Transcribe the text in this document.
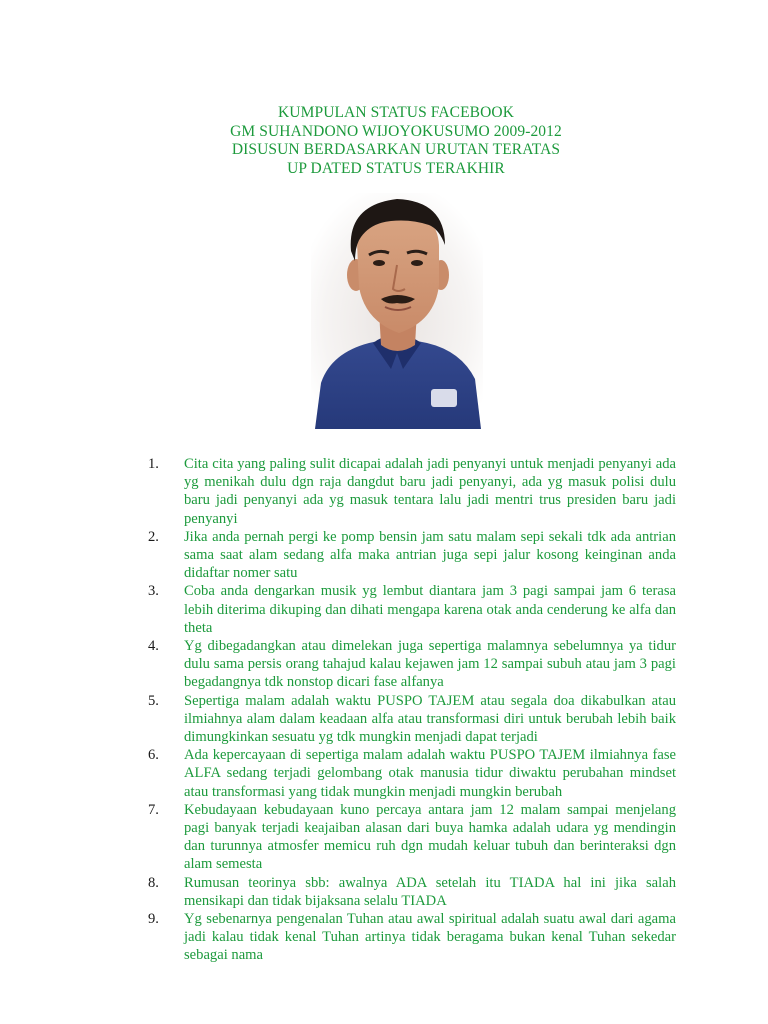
KUMPULAN STATUS FACEBOOK
GM SUHANDONO WIJOYOKUSUMO 2009-2012
DISUSUN BERDASARKAN URUTAN TERATAS
UP DATED STATUS TERAKHIR
1. Cita cita yang paling sulit dicapai adalah jadi penyanyi untuk menjadi penyanyi ada yg menikah dulu dgn raja dangdut baru jadi penyanyi, ada yg masuk polisi dulu baru jadi penyanyi ada yg masuk tentara lalu jadi mentri trus presiden baru jadi penyanyi
2. Jika anda pernah pergi ke pomp bensin jam satu malam sepi sekali tdk ada antrian sama saat alam sedang alfa maka antrian juga sepi jalur kosong keinginan anda didaftar nomer satu
3. Coba anda dengarkan musik yg lembut diantara jam 3 pagi sampai jam 6 terasa lebih diterima dikuping dan dihati mengapa karena otak anda cenderung ke alfa dan theta
4. Yg dibegadangkan atau dimelekan juga sepertiga malamnya sebelumnya ya tidur dulu sama persis orang tahajud kalau kejawen jam 12 sampai subuh atau jam 3 pagi begadangnya tdk nonstop dicari fase alfanya
5. Sepertiga malam adalah waktu PUSPO TAJEM atau segala doa dikabulkan atau ilmiahnya alam dalam keadaan alfa atau transformasi diri untuk berubah lebih baik dimungkinkan sesuatu yg tdk mungkin menjadi dapat terjadi
6. Ada kepercayaan di sepertiga malam adalah waktu PUSPO TAJEM ilmiahnya fase ALFA sedang terjadi gelombang otak manusia tidur diwaktu perubahan mindset atau transformasi yang tidak mungkin menjadi mungkin berubah
7. Kebudayaan kebudayaan kuno percaya antara jam 12 malam sampai menjelang pagi banyak terjadi keajaiban alasan dari buya hamka adalah udara yg mendingin dan turunnya atmosfer memicu ruh dgn mudah keluar tubuh dan berinteraksi dgn alam semesta
8. Rumusan teorinya sbb: awalnya ADA setelah itu TIADA hal ini jika salah mensikapi dan tidak bijaksana selalu TIADA
9. Yg sebenarnya pengenalan Tuhan atau awal spiritual adalah suatu awal dari agama jadi kalau tidak kenal Tuhan artinya tidak beragama bukan kenal Tuhan sekedar sebagai nama
